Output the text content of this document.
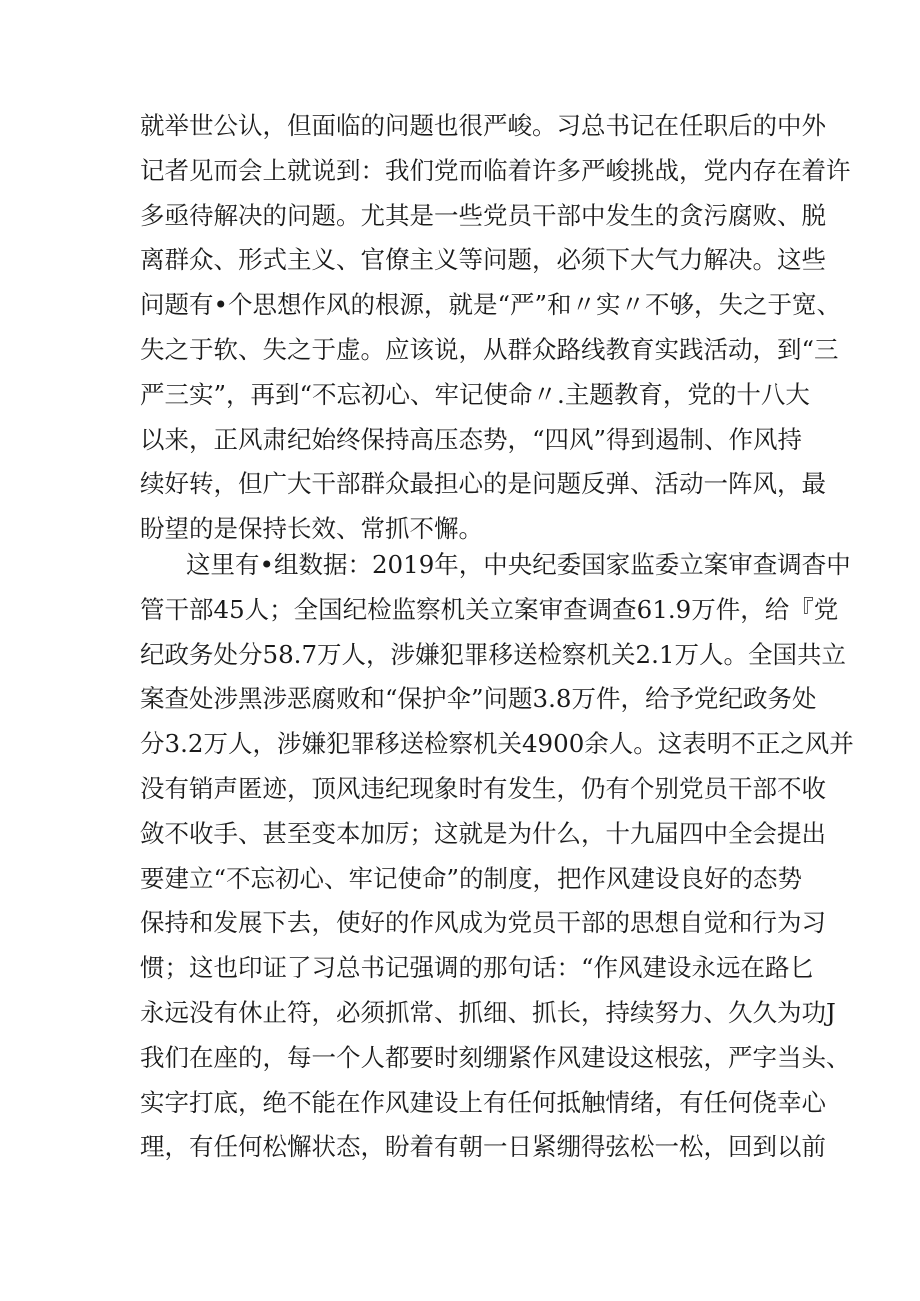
就举世公认，但面临的问题也很严峻。习总书记在任职后的中外
记者见而会上就说到：我们党而临着许多严峻挑战，党内存在着许
多亟待解决的问题。尤其是一些党员干部中发生的贪污腐败、脱
离群众、形式主义、官僚主义等问题，必须下大气力解决。这些
问题有•个思想作风的根源，就是“严”和〃实〃不够，失之于宽、
失之于软、失之于虚。应该说，从群众路线教育实践活动，到“三
严三实”，再到“不忘初心、牢记使命〃.主题教育，党的十八大
以来，正风肃纪始终保持高压态势，“四风”得到遏制、作风持
续好转，但广大干部群众最担心的是问题反弹、活动一阵风，最
盼望的是保持长效、常抓不懈。
这里有•组数据：2019年，中央纪委国家监委立案审查调杳中
管干部45人；全国纪检监察机关立案审查调查61.9万件，给『党
纪政务处分58.7万人，涉嫌犯罪移送检察机关2.1万人。全国共立
案查处涉黑涉恶腐败和“保护伞”问题3.8万件，给予党纪政务处
分3.2万人，涉嫌犯罪移送检察机关4900余人。这表明不正之风并
没有销声匿迹，顶风违纪现象时有发生，仍有个别党员干部不收
敛不收手、甚至变本加厉；这就是为什么，十九届四中全会提出
要建立“不忘初心、牢记使命”的制度，把作风建设良好的态势
保持和发展下去，使好的作风成为党员干部的思想自觉和行为习
惯；这也印证了习总书记强调的那句话：“作风建设永远在路匕
永远没有休止符，必须抓常、抓细、抓长，持续努力、久久为功J
我们在座的，每一个人都要时刻绷紧作风建设这根弦，严字当头、
实字打底，绝不能在作风建设上有任何抵触情绪，有任何侥幸心
理，有任何松懈状态，盼着有朝一日紧绷得弦松一松，回到以前
